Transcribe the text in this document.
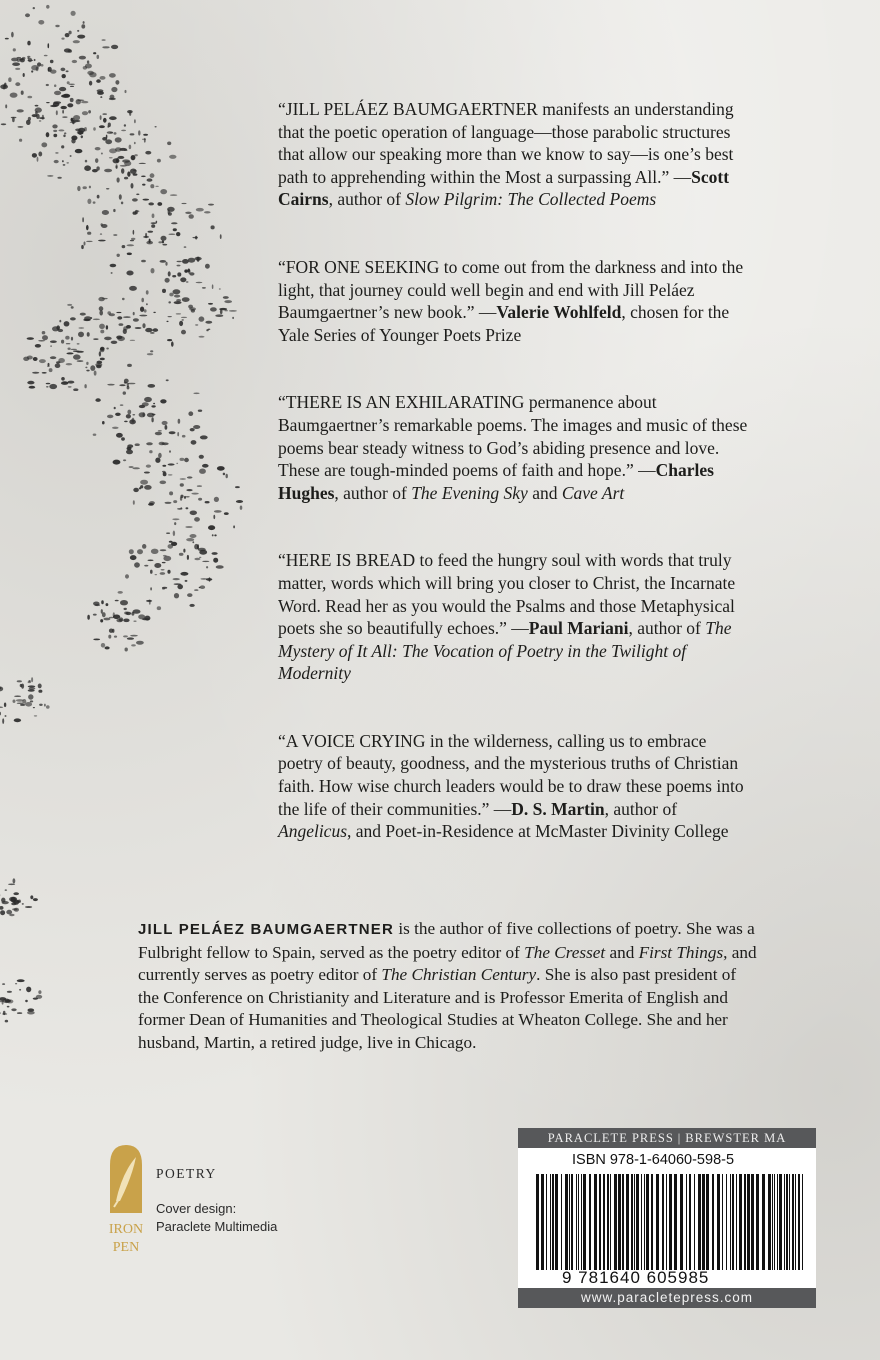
“JILL PELÁEZ BAUMGAERTNER manifests an understanding that the poetic operation of language—those parabolic structures that allow our speaking more than we know to say—is one’s best path to apprehending within the Most a surpassing All.” —Scott Cairns, author of Slow Pilgrim: The Collected Poems

“FOR ONE SEEKING to come out from the darkness and into the light, that journey could well begin and end with Jill Peláez Baumgaertner’s new book.” —Valerie Wohlfeld, chosen for the Yale Series of Younger Poets Prize

“THERE IS AN EXHILARATING permanence about Baumgaertner’s remarkable poems. The images and music of these poems bear steady witness to God’s abiding presence and love. These are tough-minded poems of faith and hope.” —Charles Hughes, author of The Evening Sky and Cave Art

“HERE IS BREAD to feed the hungry soul with words that truly matter, words which will bring you closer to Christ, the Incarnate Word. Read her as you would the Psalms and those Metaphysical poets she so beautifully echoes.” —Paul Mariani, author of The Mystery of It All: The Vocation of Poetry in the Twilight of Modernity

“A VOICE CRYING in the wilderness, calling us to embrace poetry of beauty, goodness, and the mysterious truths of Christian faith. How wise church leaders would be to draw these poems into the life of their communities.” —D. S. Martin, author of Angelicus, and Poet-in-Residence at McMaster Divinity College

JILL PELÁEZ BAUMGAERTNER is the author of five collections of poetry. She was a Fulbright fellow to Spain, served as the poetry editor of The Cresset and First Things, and currently serves as poetry editor of The Christian Century. She is also past president of the Conference on Christianity and Literature and is Professor Emerita of English and former Dean of Humanities and Theological Studies at Wheaton College. She and her husband, Martin, a retired judge, live in Chicago.
IRON
PEN
POETRY
Cover design:
Paraclete Multimedia
PARACLETE PRESS | BREWSTER MA
ISBN 978-1-64060-598-5
9 781640 605985
www.paracletepress.com
